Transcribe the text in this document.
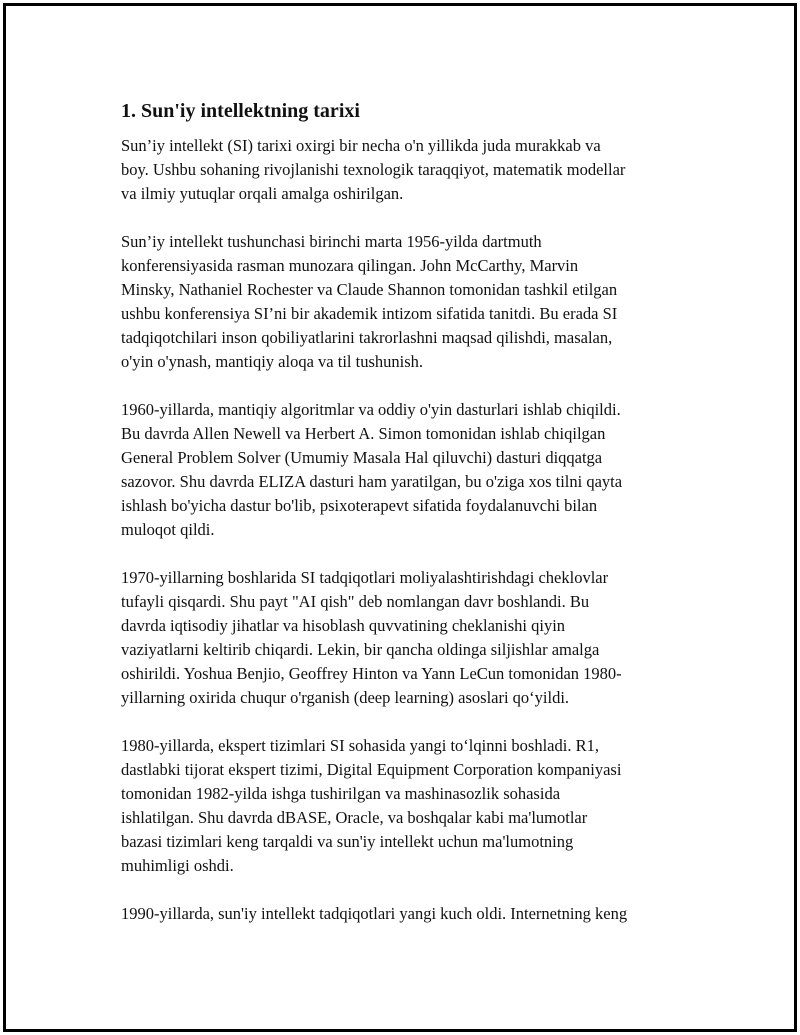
1. Sun'iy intellektning tarixi

Sun’iy intellekt (SI) tarixi oxirgi bir necha o'n yillikda juda murakkab va
boy. Ushbu sohaning rivojlanishi texnologik taraqqiyot, matematik modellar
va ilmiy yutuqlar orqali amalga oshirilgan.

Sun’iy intellekt tushunchasi birinchi marta 1956-yilda dartmuth
konferensiyasida rasman munozara qilingan. John McCarthy, Marvin
Minsky, Nathaniel Rochester va Claude Shannon tomonidan tashkil etilgan
ushbu konferensiya SI’ni bir akademik intizom sifatida tanitdi. Bu erada SI
tadqiqotchilari inson qobiliyatlarini takrorlashni maqsad qilishdi, masalan,
o'yin o'ynash, mantiqiy aloqa va til tushunish.

1960-yillarda, mantiqiy algoritmlar va oddiy o'yin dasturlari ishlab chiqildi.
Bu davrda Allen Newell va Herbert A. Simon tomonidan ishlab chiqilgan
General Problem Solver (Umumiy Masala Hal qiluvchi) dasturi diqqatga
sazovor. Shu davrda ELIZA dasturi ham yaratilgan, bu o'ziga xos tilni qayta
ishlash bo'yicha dastur bo'lib, psixoterapevt sifatida foydalanuvchi bilan
muloqot qildi.

1970-yillarning boshlarida SI tadqiqotlari moliyalashtirishdagi cheklovlar
tufayli qisqardi. Shu payt "AI qish" deb nomlangan davr boshlandi. Bu
davrda iqtisodiy jihatlar va hisoblash quvvatining cheklanishi qiyin
vaziyatlarni keltirib chiqardi. Lekin, bir qancha oldinga siljishlar amalga
oshirildi. Yoshua Benjio, Geoffrey Hinton va Yann LeCun tomonidan 1980-
yillarning oxirida chuqur o'rganish (deep learning) asoslari qo‘yildi.

1980-yillarda, ekspert tizimlari SI sohasida yangi to‘lqinni boshladi. R1,
dastlabki tijorat ekspert tizimi, Digital Equipment Corporation kompaniyasi
tomonidan 1982-yilda ishga tushirilgan va mashinasozlik sohasida
ishlatilgan. Shu davrda dBASE, Oracle, va boshqalar kabi ma'lumotlar
bazasi tizimlari keng tarqaldi va sun'iy intellekt uchun ma'lumotning
muhimligi oshdi.

1990-yillarda, sun'iy intellekt tadqiqotlari yangi kuch oldi. Internetning keng
